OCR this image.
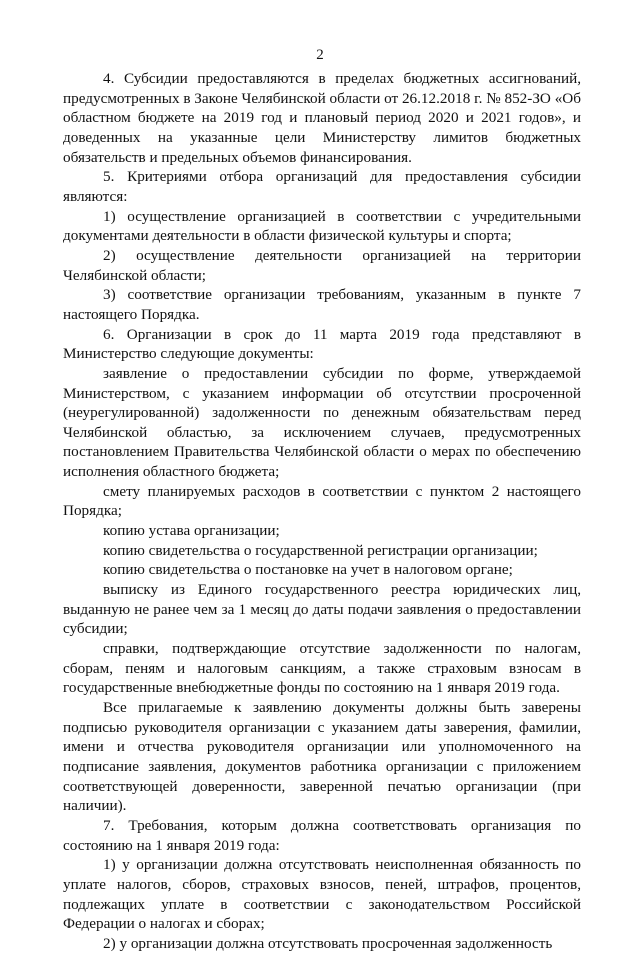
2

4. Субсидии предоставляются в пределах бюджетных ассигнований, предусмотренных в Законе Челябинской области от 26.12.2018 г. № 852-ЗО «Об областном бюджете на 2019 год и плановый период 2020 и 2021 годов», и доведенных на указанные цели Министерству лимитов бюджетных обязательств и предельных объемов финансирования.

5. Критериями отбора организаций для предоставления субсидии являются:

1) осуществление организацией в соответствии с учредительными документами деятельности в области физической культуры и спорта;

2) осуществление деятельности организацией на территории Челябинской области;

3) соответствие организации требованиям, указанным в пункте 7 настоящего Порядка.

6. Организации в срок до 11 марта 2019 года представляют в Министерство следующие документы:

заявление о предоставлении субсидии по форме, утверждаемой Министерством, с указанием информации об отсутствии просроченной (неурегулированной) задолженности по денежным обязательствам перед Челябинской областью, за исключением случаев, предусмотренных постановлением Правительства Челябинской области о мерах по обеспечению исполнения областного бюджета;

смету планируемых расходов в соответствии с пунктом 2 настоящего Порядка;

копию устава организации;

копию свидетельства о государственной регистрации организации;

копию свидетельства о постановке на учет в налоговом органе;

выписку из Единого государственного реестра юридических лиц, выданную не ранее чем за 1 месяц до даты подачи заявления о предоставлении субсидии;

справки, подтверждающие отсутствие задолженности по налогам, сборам, пеням и налоговым санкциям, а также страховым взносам в государственные внебюджетные фонды по состоянию на 1 января 2019 года.

Все прилагаемые к заявлению документы должны быть заверены подписью руководителя организации с указанием даты заверения, фамилии, имени и отчества руководителя организации или уполномоченного на подписание заявления, документов работника организации с приложением соответствующей доверенности, заверенной печатью организации (при наличии).

7. Требования, которым должна соответствовать организация по состоянию на 1 января 2019 года:

1) у организации должна отсутствовать неисполненная обязанность по уплате налогов, сборов, страховых взносов, пеней, штрафов, процентов, подлежащих уплате в соответствии с законодательством Российской Федерации о налогах и сборах;

2) у организации должна отсутствовать просроченная задолженность
